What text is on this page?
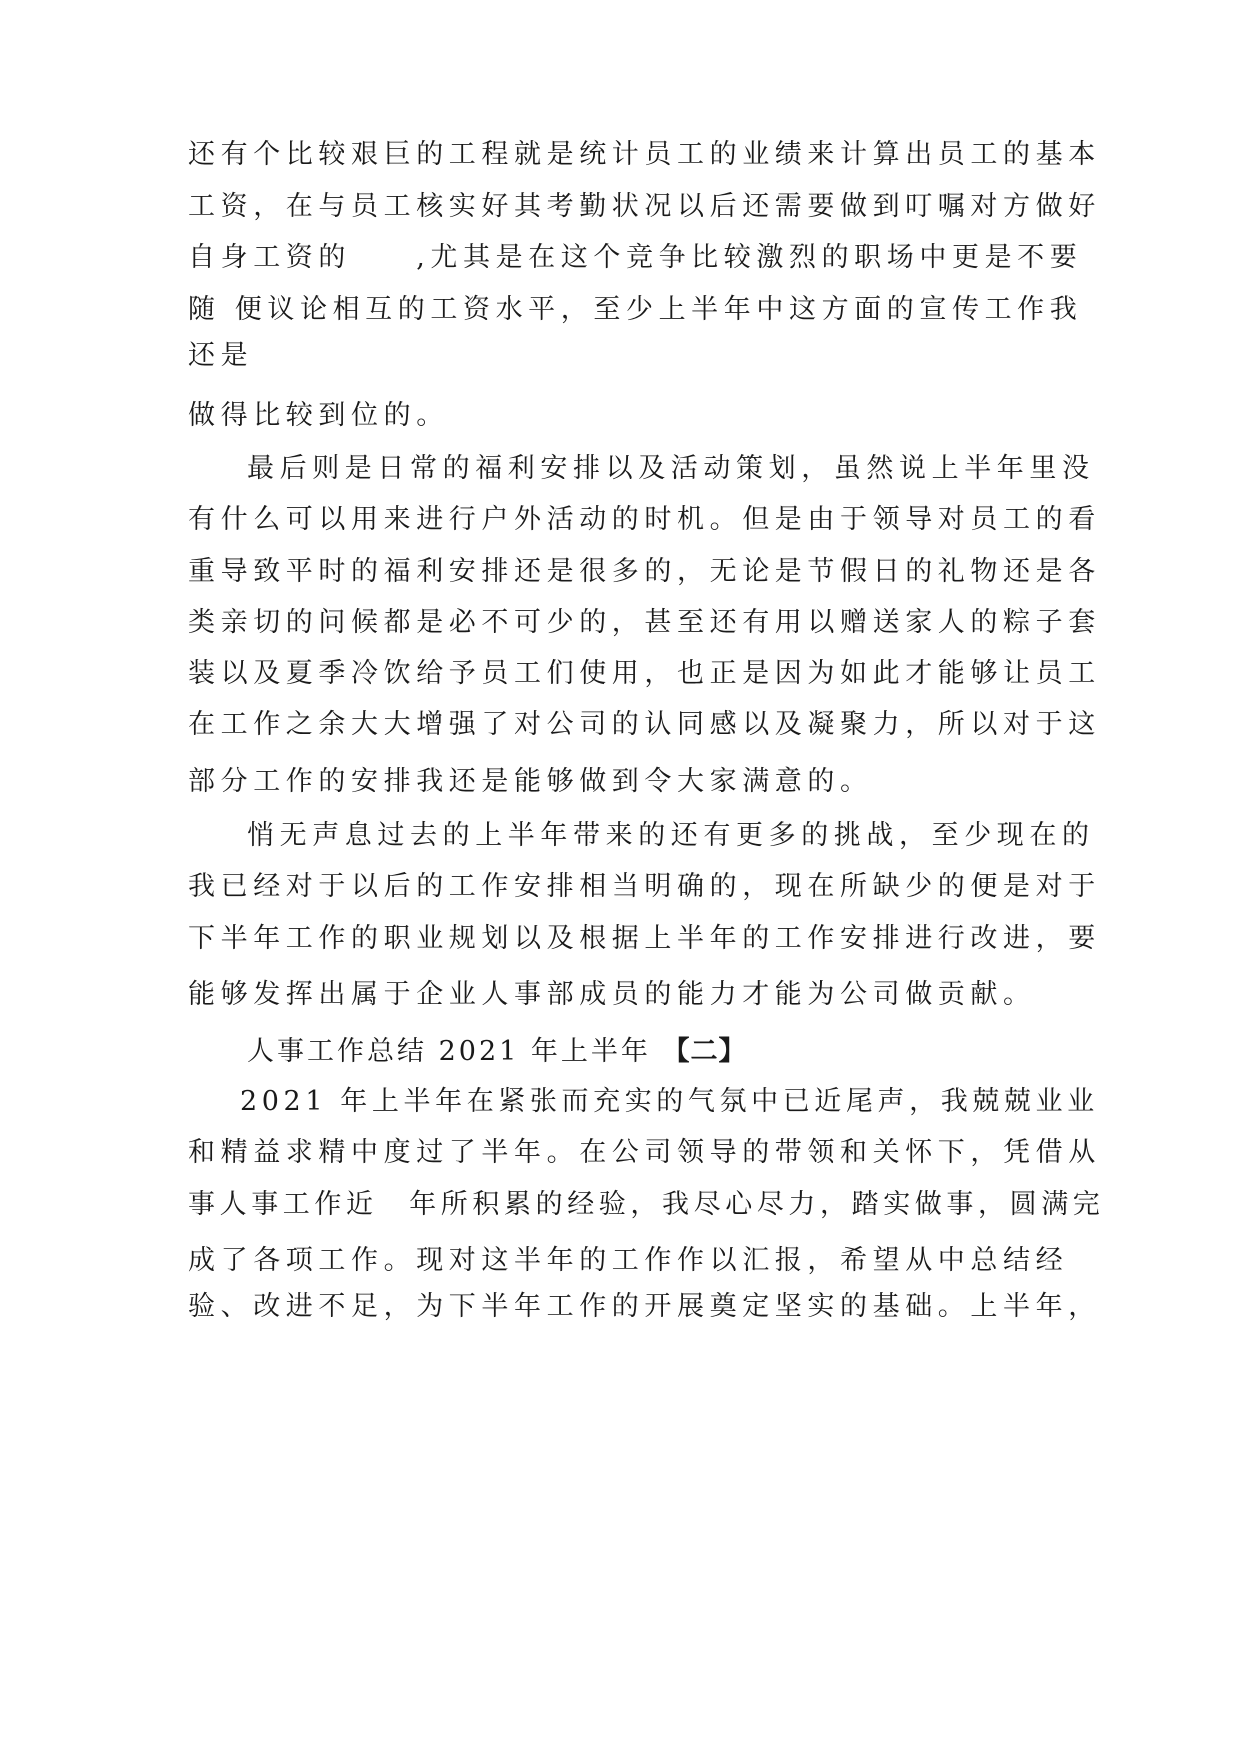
还有个比较艰巨的工程就是统计员工的业绩来计算出员工的基本

工资，在与员工核实好其考勤状况以后还需要做到叮嘱对方做好

自身工资的　　,尤其是在这个竞争比较激烈的职场中更是不要

随 便议论相互的工资水平，至少上半年中这方面的宣传工作我

还是

做得比较到位的。

最后则是日常的福利安排以及活动策划，虽然说上半年里没

有什么可以用来进行户外活动的时机。但是由于领导对员工的看

重导致平时的福利安排还是很多的，无论是节假日的礼物还是各

类亲切的问候都是必不可少的，甚至还有用以赠送家人的粽子套

装以及夏季冷饮给予员工们使用，也正是因为如此才能够让员工

在工作之余大大增强了对公司的认同感以及凝聚力，所以对于这

部分工作的安排我还是能够做到令大家满意的。

悄无声息过去的上半年带来的还有更多的挑战，至少现在的

我已经对于以后的工作安排相当明确的，现在所缺少的便是对于

下半年工作的职业规划以及根据上半年的工作安排进行改进，要

能够发挥出属于企业人事部成员的能力才能为公司做贡献。

人事工作总结 2021 年上半年 【二】

2021 年上半年在紧张而充实的气氛中已近尾声，我兢兢业业

和精益求精中度过了半年。在公司领导的带领和关怀下，凭借从

事人事工作近　年所积累的经验，我尽心尽力，踏实做事，圆满完

成了各项工作。现对这半年的工作作以汇报，希望从中总结经

验、改进不足，为下半年工作的开展奠定坚实的基础。上半年，
